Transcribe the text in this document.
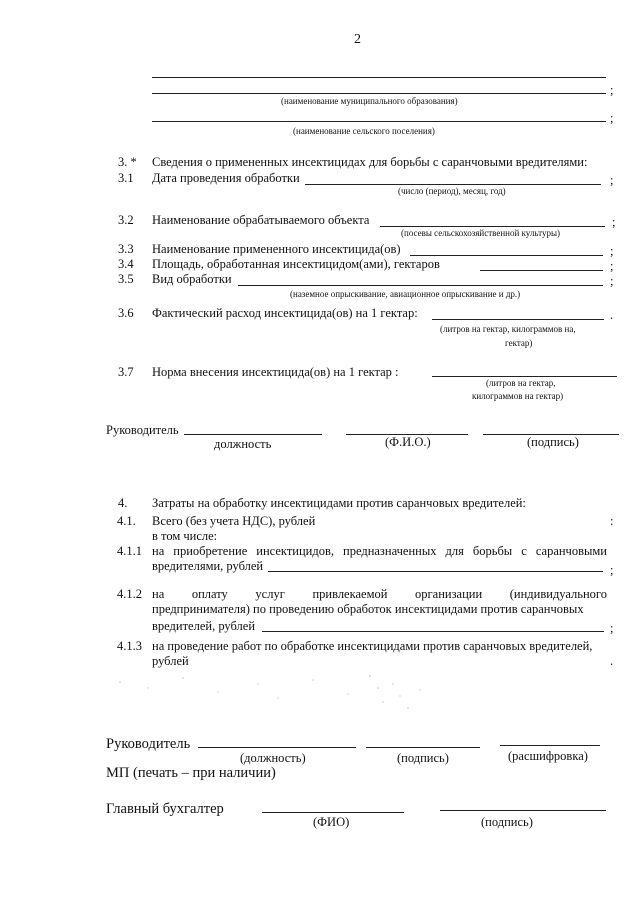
2
;
(наименование муниципального образования)
;
(наименование сельского поселения)
3. * Сведения о примененных инсектицидах для борьбы с саранчовыми вредителями:
3.1 Дата проведения обработки	;
(число (период), месяц, год)
3.2 Наименование обрабатываемого объекта	;
(посевы сельскохозяйственной культуры)
3.3 Наименование примененного инсектицида(ов)	;
3.4 Площадь, обработанная инсектицидом(ами), гектаров	;
3.5 Вид обработки	;
(наземное опрыскивание, авиационное опрыскивание и др.)
3.6 Фактический расход инсектицида(ов) на 1 гектар:	.
(литров на гектар, килограммов на,
гектар)
3.7 Норма внесения инсектицида(ов) на 1 гектар :
(литров на гектар,
килограммов на гектар)
Руководитель
должность	(Ф.И.О.)	(подпись)
4. Затраты на обработку инсектицидами против саранчовых вредителей:
4.1. Всего (без учета НДС), рублей	:
в том числе:
4.1.1 на приобретение инсектицидов, предназначенных для борьбы с саранчовыми
вредителями, рублей	;
4.1.2 на оплату услуг привлекаемой организации (индивидуального
предпринимателя) по проведению обработок инсектицидами против саранчовых
вредителей, рублей	;
4.1.3 на проведение работ по обработке инсектицидами против саранчовых вредителей,
рублей	.
Руководитель
(должность)	(подпись)	(расшифровка)
МП (печать – при наличии)
Главный бухгалтер
(ФИО)	(подпись)
